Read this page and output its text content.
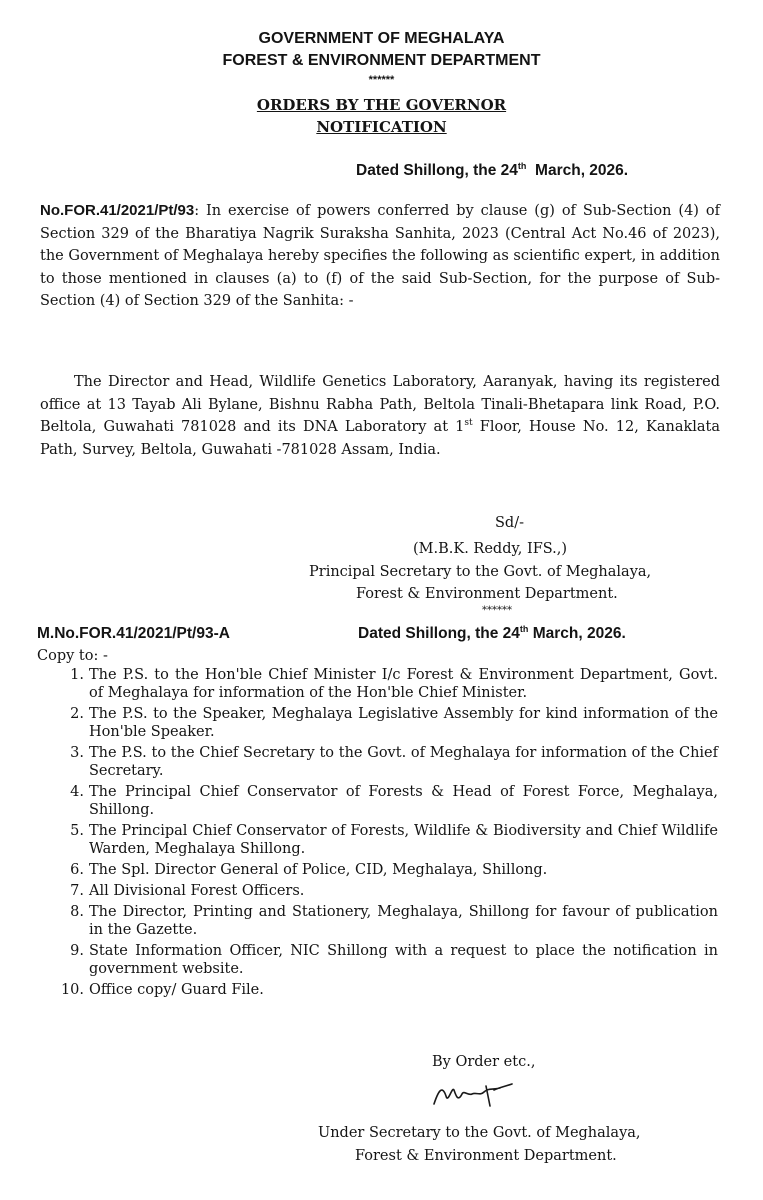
GOVERNMENT OF MEGHALAYA
FOREST & ENVIRONMENT DEPARTMENT
******
ORDERS BY THE GOVERNOR
NOTIFICATION
Dated Shillong, the 24th March, 2026.
No.FOR.41/2021/Pt/93: In exercise of powers conferred by clause (g) of Sub-Section (4) of Section 329 of the Bharatiya Nagrik Suraksha Sanhita, 2023 (Central Act No.46 of 2023), the Government of Meghalaya hereby specifies the following as scientific expert, in addition to those mentioned in clauses (a) to (f) of the said Sub-Section, for the purpose of Sub-Section (4) of Section 329 of the Sanhita: -
The Director and Head, Wildlife Genetics Laboratory, Aaranyak, having its registered office at 13 Tayab Ali Bylane, Bishnu Rabha Path, Beltola Tinali-Bhetapara link Road, P.O. Beltola, Guwahati 781028 and its DNA Laboratory at 1st Floor, House No. 12, Kanaklata Path, Survey, Beltola, Guwahati -781028 Assam, India.
Sd/-
(M.B.K. Reddy, IFS.,)
Principal Secretary to the Govt. of Meghalaya,
Forest & Environment Department.
******
M.No.FOR.41/2021/Pt/93-A	Dated Shillong, the 24th March, 2026.
Copy to: -
1. The P.S. to the Hon'ble Chief Minister I/c Forest & Environment Department, Govt. of Meghalaya for information of the Hon'ble Chief Minister.
2. The P.S. to the Speaker, Meghalaya Legislative Assembly for kind information of the Hon'ble Speaker.
3. The P.S. to the Chief Secretary to the Govt. of Meghalaya for information of the Chief Secretary.
4. The Principal Chief Conservator of Forests & Head of Forest Force, Meghalaya, Shillong.
5. The Principal Chief Conservator of Forests, Wildlife & Biodiversity and Chief Wildlife Warden, Meghalaya Shillong.
6. The Spl. Director General of Police, CID, Meghalaya, Shillong.
7. All Divisional Forest Officers.
8. The Director, Printing and Stationery, Meghalaya, Shillong for favour of publication in the Gazette.
9. State Information Officer, NIC Shillong with a request to place the notification in government website.
10. Office copy/ Guard File.
By Order etc.,
Under Secretary to the Govt. of Meghalaya,
Forest & Environment Department.
